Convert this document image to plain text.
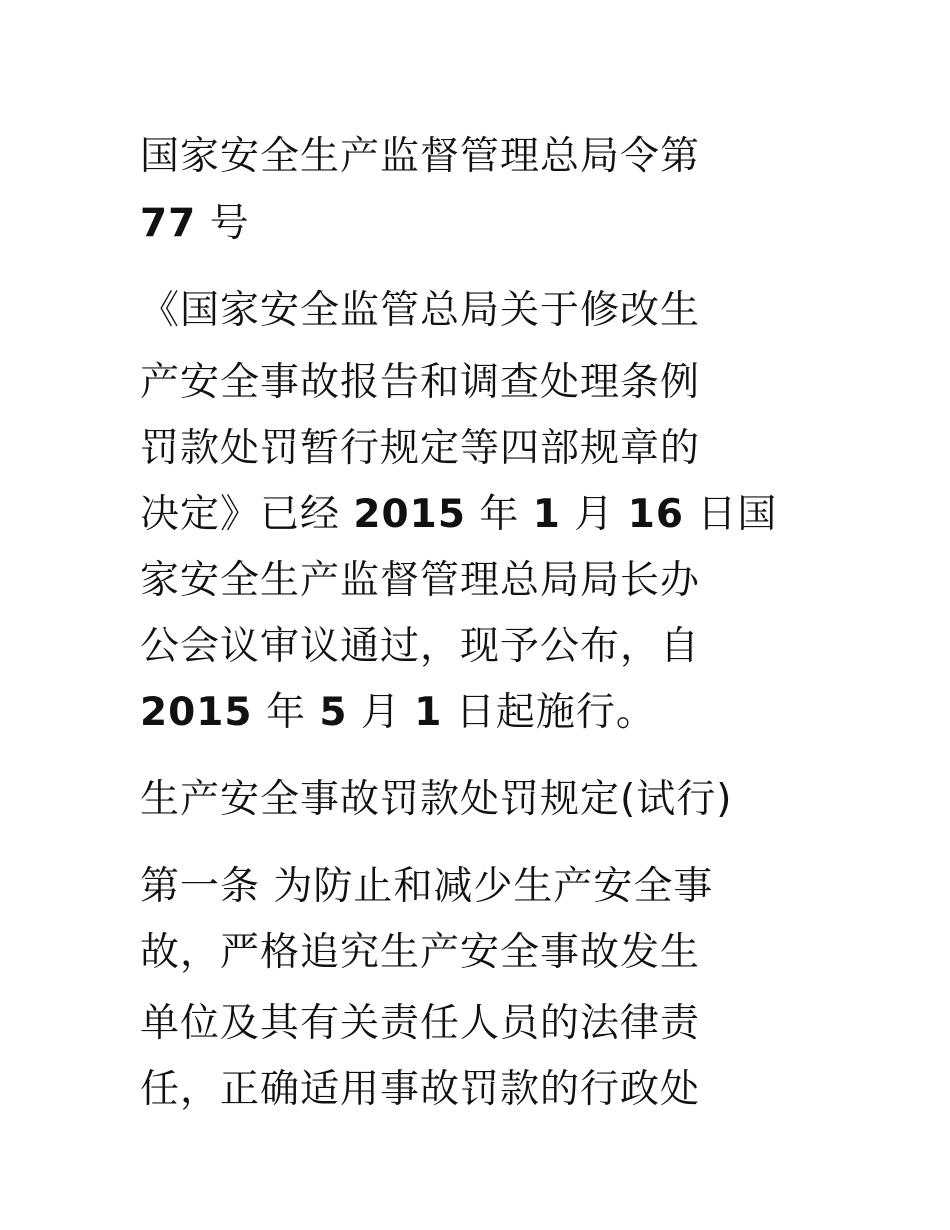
国家安全生产监督管理总局令第
77 号
《国家安全监管总局关于修改生
产安全事故报告和调查处理条例
罚款处罚暂行规定等四部规章的
决定》已经 2015 年 1 月 16 日国
家安全生产监督管理总局局长办
公会议审议通过，现予公布，自
2015 年 5 月 1 日起施行。
生产安全事故罚款处罚规定(试行)
第一条 为防止和减少生产安全事
故，严格追究生产安全事故发生
单位及其有关责任人员的法律责
任，正确适用事故罚款的行政处
